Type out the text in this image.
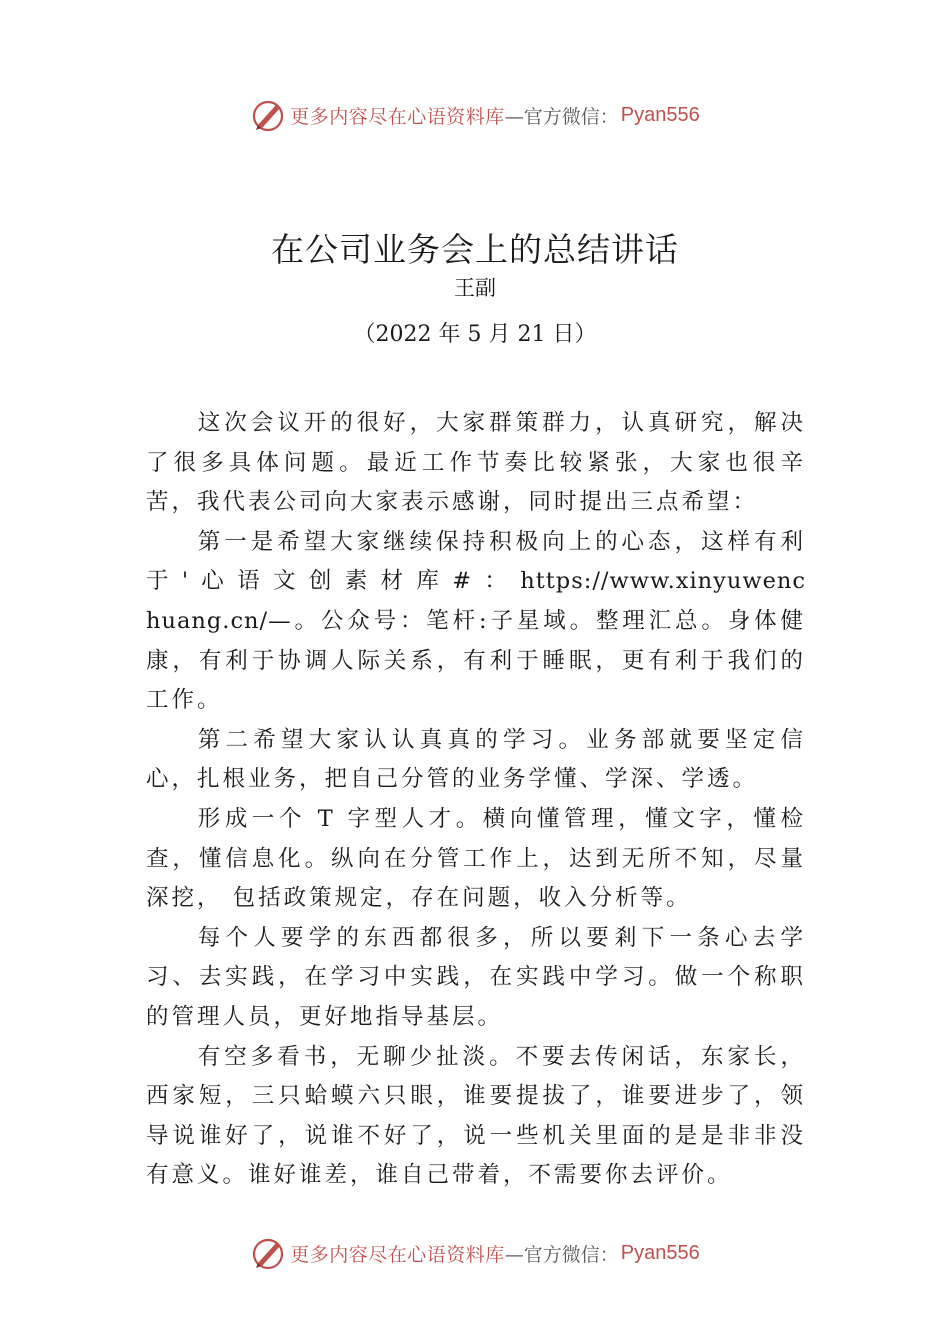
更多内容尽在心语资料库 —官方微信： Pyan556
在公司业务会上的总结讲话
王副
（2022 年 5 月 21 日）

这次会议开的很好，大家群策群力，认真研究，解决了很多具体问题。最近工作节奏比较紧张，大家也很辛苦，我代表公司向大家表示感谢，同时提出三点希望：

第一是希望大家继续保持积极向上的心态，这样有利于 ' 心 语 文 创 素 材 库 # ： https://www.xinyuwenchuang.cn/—。公众号：笔杆:子星域。整理汇总。身体健康，有利于协调人际关系，有利于睡眠，更有利于我们的工作。

第二希望大家认认真真的学习。业务部就要坚定信心，扎根业务，把自己分管的业务学懂、学深、学透。

形成一个 T 字型人才。横向懂管理，懂文字，懂检查，懂信息化。纵向在分管工作上，达到无所不知，尽量深挖， 包括政策规定，存在问题，收入分析等。

每个人要学的东西都很多，所以要剎下一条心去学习、去实践，在学习中实践，在实践中学习。做一个称职的管理人员，更好地指导基层。

有空多看书，无聊少扯淡。不要去传闲话，东家长，西家短，三只蛤蟆六只眼，谁要提拔了，谁要进步了，领导说谁好了，说谁不好了，说一些机关里面的是是非非没有意义。谁好谁差，谁自己带着，不需要你去评价。

更多内容尽在心语资料库 —官方微信： Pyan556
